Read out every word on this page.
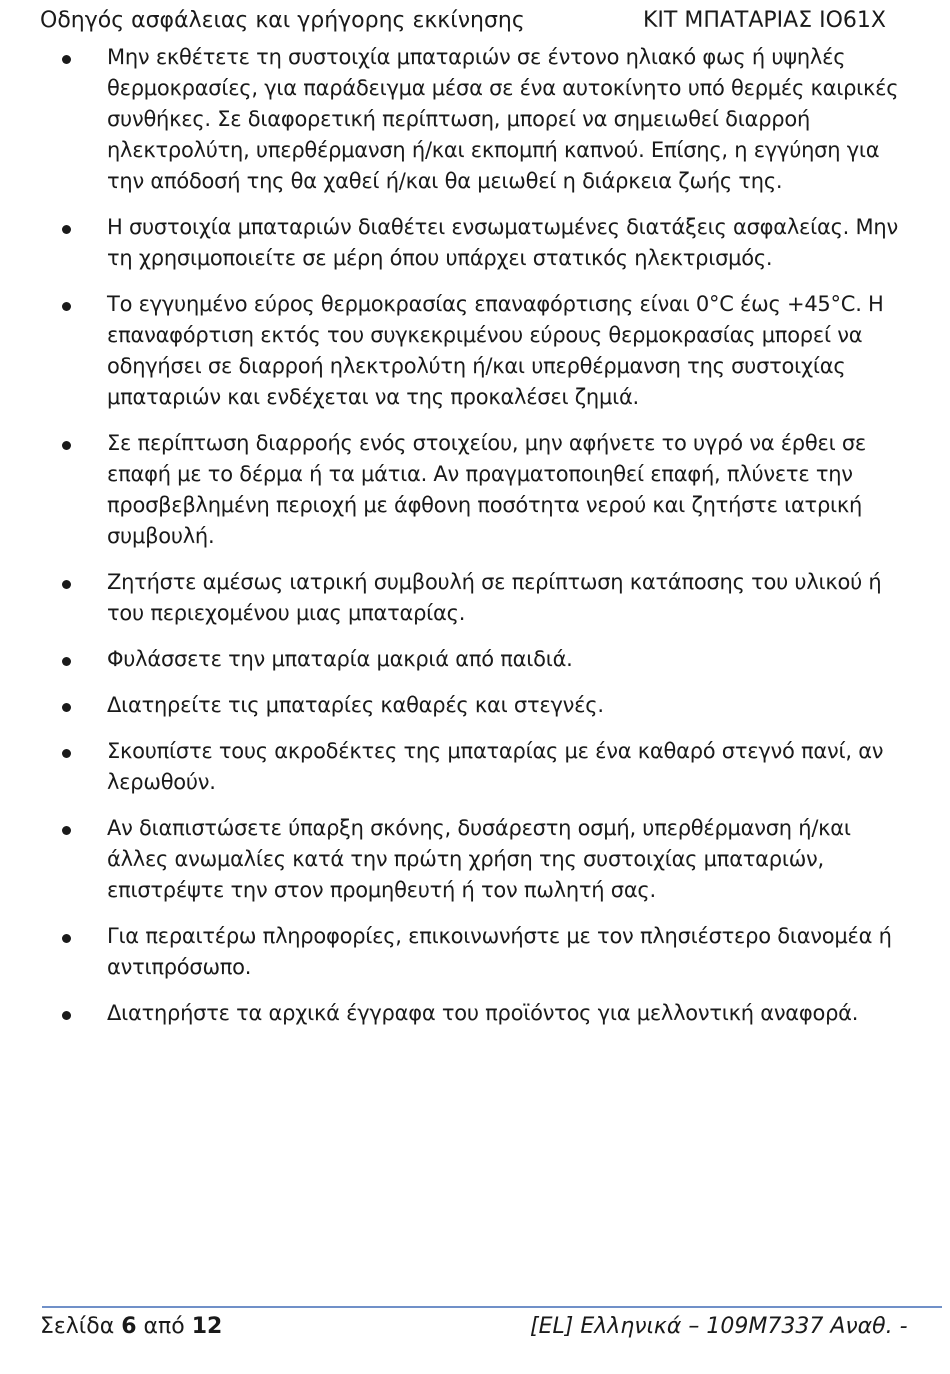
Οδηγός ασφάλειας και γρήγορης εκκίνησης	ΚΙΤ ΜΠΑΤΑΡΙΑΣ IO61X
Μην εκθέτετε τη συστοιχία μπαταριών σε έντονο ηλιακό φως ή υψηλές θερμοκρασίες, για παράδειγμα μέσα σε ένα αυτοκίνητο υπό θερμές καιρικές συνθήκες. Σε διαφορετική περίπτωση, μπορεί να σημειωθεί διαρροή ηλεκτρολύτη, υπερθέρμανση ή/και εκπομπή καπνού. Επίσης, η εγγύηση για την απόδοσή της θα χαθεί ή/και θα μειωθεί η διάρκεια ζωής της.
Η συστοιχία μπαταριών διαθέτει ενσωματωμένες διατάξεις ασφαλείας. Μην τη χρησιμοποιείτε σε μέρη όπου υπάρχει στατικός ηλεκτρισμός.
Το εγγυημένο εύρος θερμοκρασίας επαναφόρτισης είναι 0°C έως +45°C. Η επαναφόρτιση εκτός του συγκεκριμένου εύρους θερμοκρασίας μπορεί να οδηγήσει σε διαρροή ηλεκτρολύτη ή/και υπερθέρμανση της συστοιχίας μπαταριών και ενδέχεται να της προκαλέσει ζημιά.
Σε περίπτωση διαρροής ενός στοιχείου, μην αφήνετε το υγρό να έρθει σε επαφή με το δέρμα ή τα μάτια. Αν πραγματοποιηθεί επαφή, πλύνετε την προσβεβλημένη περιοχή με άφθονη ποσότητα νερού και ζητήστε ιατρική συμβουλή.
Ζητήστε αμέσως ιατρική συμβουλή σε περίπτωση κατάποσης του υλικού ή του περιεχομένου μιας μπαταρίας.
Φυλάσσετε την μπαταρία μακριά από παιδιά.
Διατηρείτε τις μπαταρίες καθαρές και στεγνές.
Σκουπίστε τους ακροδέκτες της μπαταρίας με ένα καθαρό στεγνό πανί, αν λερωθούν.
Αν διαπιστώσετε ύπαρξη σκόνης, δυσάρεστη οσμή, υπερθέρμανση ή/και άλλες ανωμαλίες κατά την πρώτη χρήση της συστοιχίας μπαταριών, επιστρέψτε την στον προμηθευτή ή τον πωλητή σας.
Για περαιτέρω πληροφορίες, επικοινωνήστε με τον πλησιέστερο διανομέα ή αντιπρόσωπο.
Διατηρήστε τα αρχικά έγγραφα του προϊόντος για μελλοντική αναφορά.
Σελίδα 6 από 12	[EL] Ελληνικά – 109M7337 Αναθ. -
